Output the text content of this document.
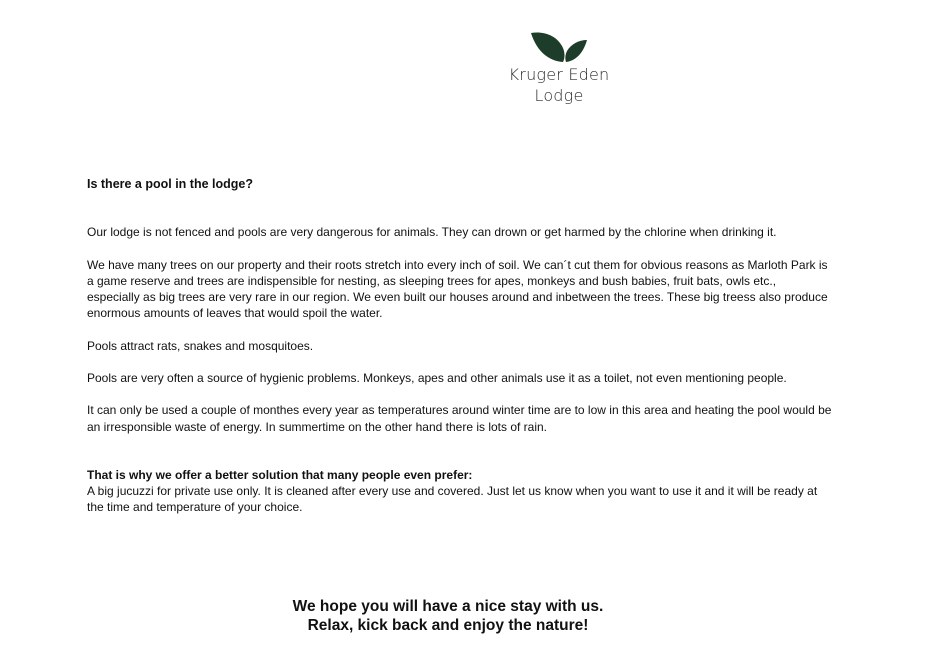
Kruger Eden
Lodge
Is there a pool in the lodge?
Our lodge is not fenced and pools are very dangerous for animals. They can drown or get harmed by the chlorine when drinking it.
We have many trees on our property and their roots stretch into every inch of soil. We can´t cut them for obvious reasons as Marloth Park is a game reserve and trees are indispensible for nesting, as sleeping trees for apes, monkeys and bush babies, fruit bats, owls etc., especially as big trees are very rare in our region. We even built our houses around and inbetween the trees. These big treess also produce enormous amounts of leaves that would spoil the water.
Pools attract rats, snakes and mosquitoes.
Pools are very often a source of hygienic problems. Monkeys, apes and other animals use it as a toilet, not even mentioning people.
It can only be used a couple of monthes every year as temperatures around winter time are to low in this area and heating the pool would be an irresponsible waste of energy. In summertime on the other hand there is lots of rain.
That is why we offer a better solution that many people even prefer:
A big jucuzzi for private use only. It is cleaned after every use and covered. Just let us know when you want to use it and it will be ready at the time and temperature of your choice.
We hope you will have a nice stay with us.
Relax, kick back and enjoy the nature!
